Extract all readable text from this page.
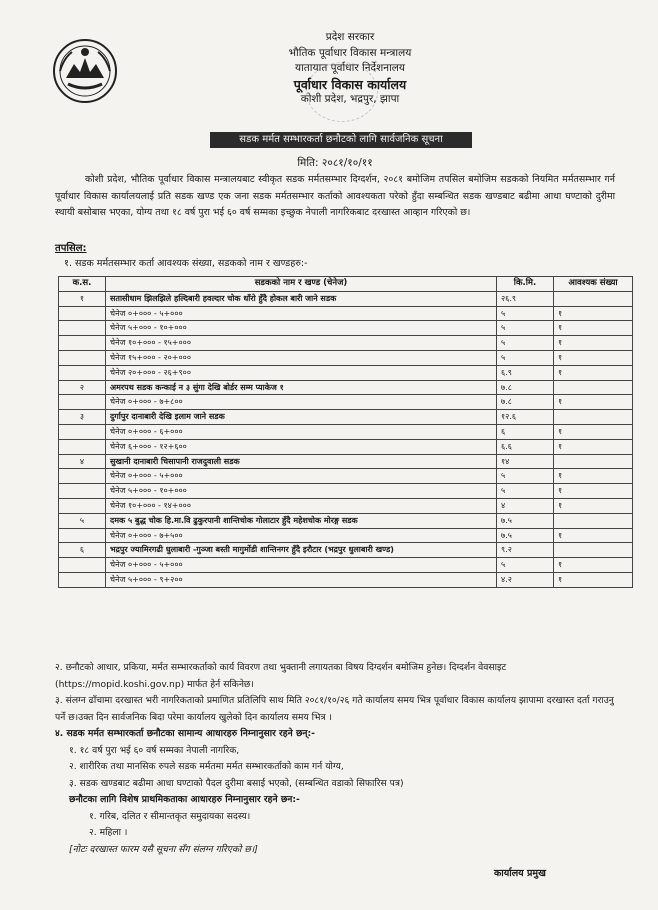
प्रदेश सरकार
भौतिक पूर्वाधार विकास मन्त्रालय
यातायात पूर्वाधार निर्देशनालय
पूर्वाधार विकास कार्यालय
कोशी प्रदेश, भद्रपुर, झापा
सडक मर्मत सम्भारकर्ता छनौटको लागि सार्वजनिक सूचना
मिति: २०८१/१०/११
कोशी प्रदेश, भौतिक पूर्वाधार विकास मन्त्रालयबाट स्वीकृत सडक मर्मतसम्भार दिग्दर्शन, २०८१ बमोजिम तपसिल बमोजिम सडकको नियमित मर्मतसम्भार गर्न पूर्वाधार विकास कार्यालयलाई प्रति सडक खण्ड एक जना सडक मर्मतसम्भार कर्ताको आवश्यकता परेको हुँदा सम्बन्धित सडक खण्डबाट बढीमा आधा घण्टाको दुरीमा स्थायी बसोबास भएका, योग्य तथा १८ वर्ष पुरा भई ६० वर्ष सम्मका इच्छुक नेपाली नागरिकबाट दरखास्त आव्हान गरिएको छ।
तपसिल:
१. सडक मर्मतसम्भार कर्ता आवश्यक संख्या, सडकको नाम र खण्डहरु:-
क.स.	सडकको नाम र खण्ड (चेनेज)	कि.मि.	आवश्यक संख्या
१	सतासीधाम झिलझिले हल्दिबारी हवल्दार चोक धाँरो हुँदै होकल बारी जाने सडक	२६.९	
	चेनेज ०+००० - ५+०००	५	१
	चेनेज ५+००० - १०+०००	५	१
	चेनेज १०+००० - १५+०००	५	१
	चेनेज १५+००० - २०+०००	५	१
	चेनेज २०+००० - २६+९००	६.९	१
२	अमरपथ सडक कन्काई न ३ सुंगा देखि बोर्डर सम्म प्याकेज १	७.८	
	चेनेज ०+००० - ७+८००	७.८	१
३	दुर्गापुर दानाबारी देखि इलाम जाने सडक	१२.६	
	चेनेज ०+००० - ६+०००	६	१
	चेनेज ६+००० - १२+६००	६.६	१
४	सुखानी दानाबारी चिसापानी राजदुवाली सडक	१४	
	चेनेज ०+००० - ५+०००	५	१
	चेनेज ५+००० - १०+०००	५	१
	चेनेज १०+००० - १४+०००	४	१
५	दमक ५ बुद्ध चोक हि.मा.वि ढुकुरपानी शान्तिचोक गोलाटार हुँदै महेशचोक मोरङ्ग सडक	७.५	
	चेनेज ०+००० - ७+५००	७.५	१
६	भद्रपुर ज्यामिरगढी धुलाबारी -गुञ्जा बस्ती मागुर्मोडी शान्तिनगर हुँदै इरौटार (भद्रपुर धुलाबारी खण्ड)	९.२	
	चेनेज ०+००० - ५+०००	५	१
	चेनेज ५+००० - ९+२००	४.२	१

२. छनौटको आधार, प्रकिया, मर्मत सम्भारकर्ताको कार्य विवरण तथा भुक्तानी लगायतका विषय दिग्दर्शन बमोजिम हुनेछ। दिग्दर्शन वेवसाइट (https://mopid.koshi.gov.np) मार्फत हेर्न सकिनेछ।

३. संलग्न ढाँचामा दरखास्त भरी नागरिकताको प्रमाणित प्रतिलिपि साथ मिति २०८१/१०/२६ गते कार्यालय समय भित्र पूर्वाधार विकास कार्यालय झापामा दरखास्त दर्ता गराउनु पर्ने छ।उक्त दिन सार्वजनिक बिदा परेमा कार्यालय खुलेको दिन कार्यालय समय भित्र ।

४. सडक मर्मत सम्भारकर्ता छनौटका सामान्य आधारहरु निम्नानुसार रहने छन्:-

१. १८ वर्ष पुरा भई ६० वर्ष सम्मका नेपाली नागरिक,

२. शारीरिक तथा मानसिक रुपले सडक मर्मतमा मर्मत सम्भारकर्ताको काम गर्न योग्य,

३. सडक खण्डबाट बढीमा आधा घण्टाको पैदल दुरीमा बसाई भएको, (सम्बन्धित वडाको सिफारिस पत्र)

छनौटका लागि विशेष प्राथमिकताका आधारहरु निम्नानुसार रहने छन:-

१. गरिब, दलित र सीमान्तकृत समुदायका सदस्य।

२. महिला ।

[नोटः दरखास्त फारम यसै सूचना सँग संलग्न गरिएको छ।]

कार्यालय प्रमुख
